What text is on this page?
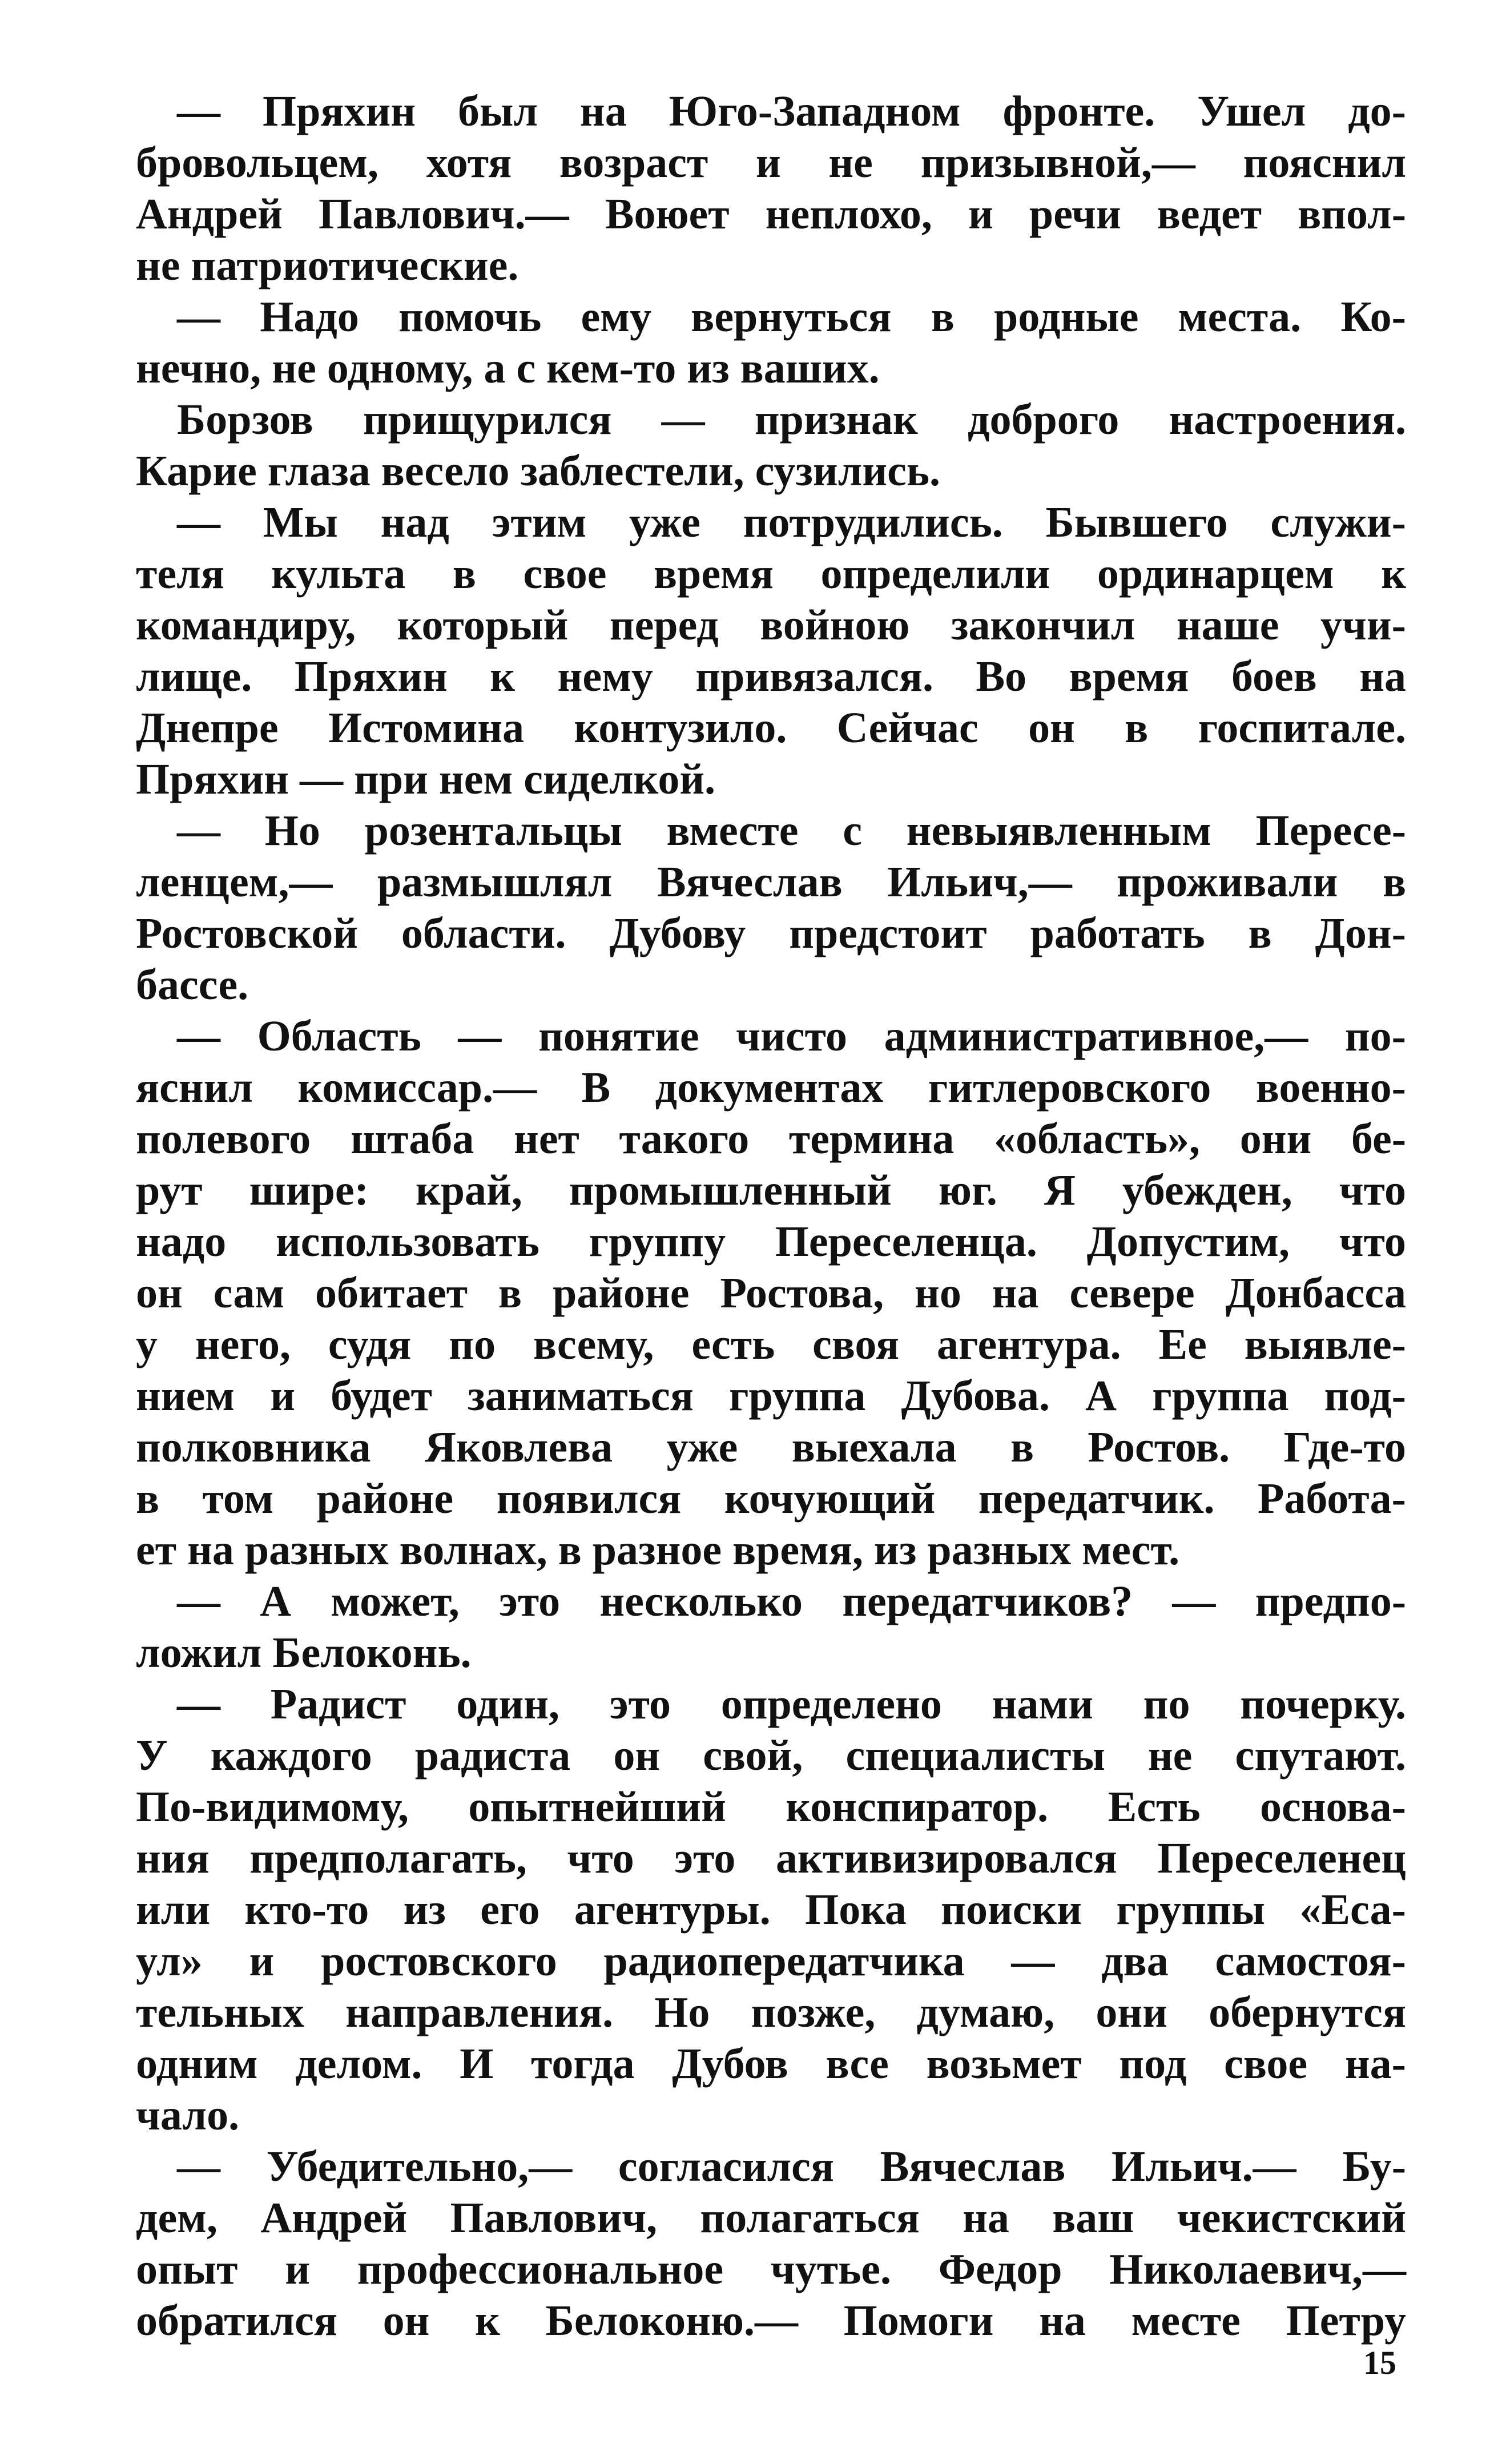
— Пряхин был на Юго-Западном фронте. Ушел до-
бровольцем, хотя возраст и не призывной,— пояснил
Андрей Павлович.— Воюет неплохо, и речи ведет впол-
не патриотические.
— Надо помочь ему вернуться в родные места. Ко-
нечно, не одному, а с кем-то из ваших.
Борзов прищурился — признак доброго настроения.
Карие глаза весело заблестели, сузились.
— Мы над этим уже потрудились. Бывшего служи-
теля культа в свое время определили ординарцем к
командиру, который перед войною закончил наше учи-
лище. Пряхин к нему привязался. Во время боев на
Днепре Истомина контузило. Сейчас он в госпитале.
Пряхин — при нем сиделкой.
— Но розентальцы вместе с невыявленным Пересе-
ленцем,— размышлял Вячеслав Ильич,— проживали в
Ростовской области. Дубову предстоит работать в Дон-
бассе.
— Область — понятие чисто административное,— по-
яснил комиссар.— В документах гитлеровского военно-
полевого штаба нет такого термина «область», они бе-
рут шире: край, промышленный юг. Я убежден, что
надо использовать группу Переселенца. Допустим, что
он сам обитает в районе Ростова, но на севере Донбасса
у него, судя по всему, есть своя агентура. Ее выявле-
нием и будет заниматься группа Дубова. А группа под-
полковника Яковлева уже выехала в Ростов. Где-то
в том районе появился кочующий передатчик. Работа-
ет на разных волнах, в разное время, из разных мест.
— А может, это несколько передатчиков? — предпо-
ложил Белоконь.
— Радист один, это определено нами по почерку.
У каждого радиста он свой, специалисты не спутают.
По-видимому, опытнейший конспиратор. Есть основа-
ния предполагать, что это активизировался Переселенец
или кто-то из его агентуры. Пока поиски группы «Еса-
ул» и ростовского радиопередатчика — два самостоя-
тельных направления. Но позже, думаю, они обернутся
одним делом. И тогда Дубов все возьмет под свое на-
чало.
— Убедительно,— согласился Вячеслав Ильич.— Бу-
дем, Андрей Павлович, полагаться на ваш чекистский
опыт и профессиональное чутье. Федор Николаевич,—
обратился он к Белоконю.— Помоги на месте Петру
15
